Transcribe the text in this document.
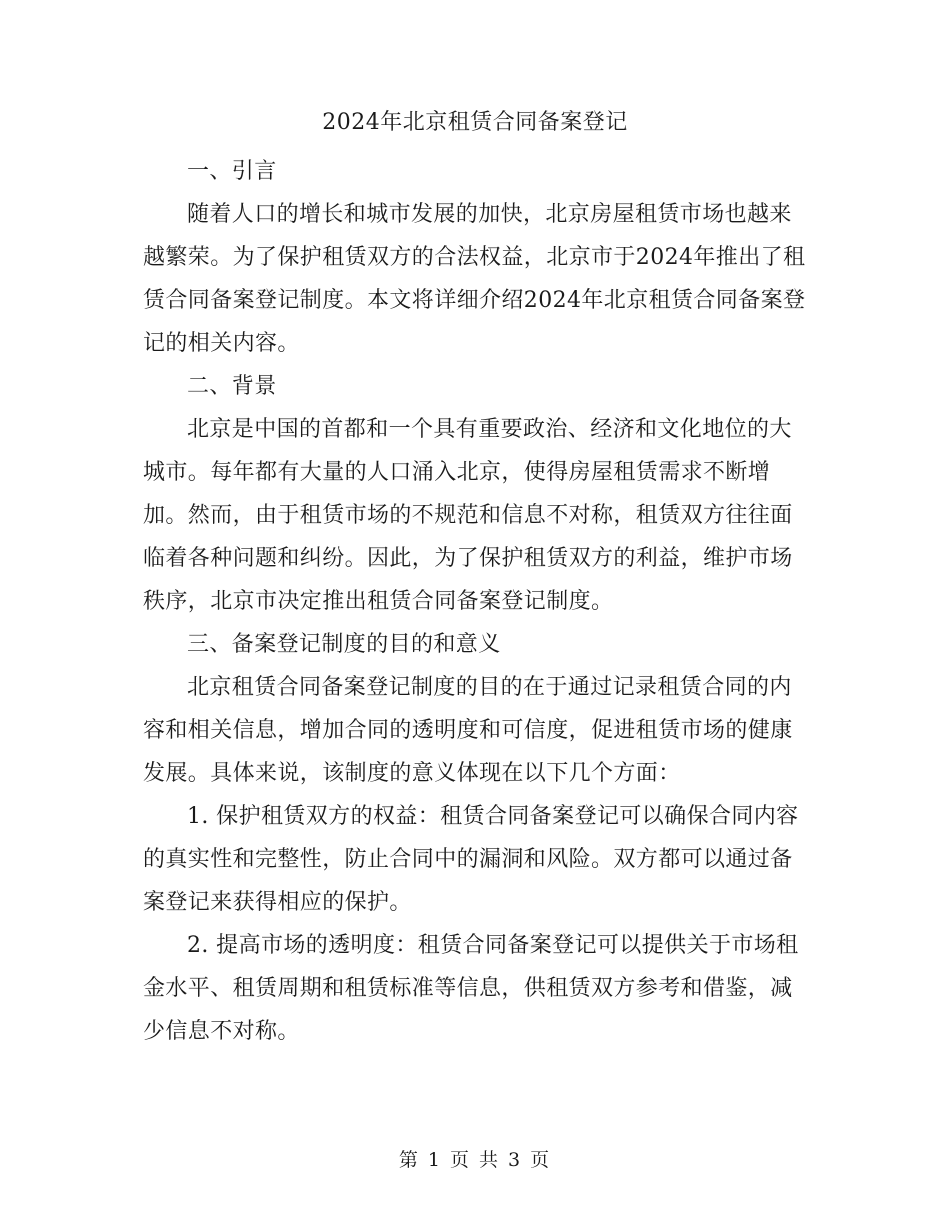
2024年北京租赁合同备案登记

一、引言

随着人口的增长和城市发展的加快，北京房屋租赁市场也越来越繁荣。为了保护租赁双方的合法权益，北京市于2024年推出了租赁合同备案登记制度。本文将详细介绍2024年北京租赁合同备案登记的相关内容。

二、背景

北京是中国的首都和一个具有重要政治、经济和文化地位的大城市。每年都有大量的人口涌入北京，使得房屋租赁需求不断增加。然而，由于租赁市场的不规范和信息不对称，租赁双方往往面临着各种问题和纠纷。因此，为了保护租赁双方的利益，维护市场秩序，北京市决定推出租赁合同备案登记制度。

三、备案登记制度的目的和意义

北京租赁合同备案登记制度的目的在于通过记录租赁合同的内容和相关信息，增加合同的透明度和可信度，促进租赁市场的健康发展。具体来说，该制度的意义体现在以下几个方面：

1. 保护租赁双方的权益：租赁合同备案登记可以确保合同内容的真实性和完整性，防止合同中的漏洞和风险。双方都可以通过备案登记来获得相应的保护。

2. 提高市场的透明度：租赁合同备案登记可以提供关于市场租金水平、租赁周期和租赁标准等信息，供租赁双方参考和借鉴，减少信息不对称。

第 1 页 共 3 页
